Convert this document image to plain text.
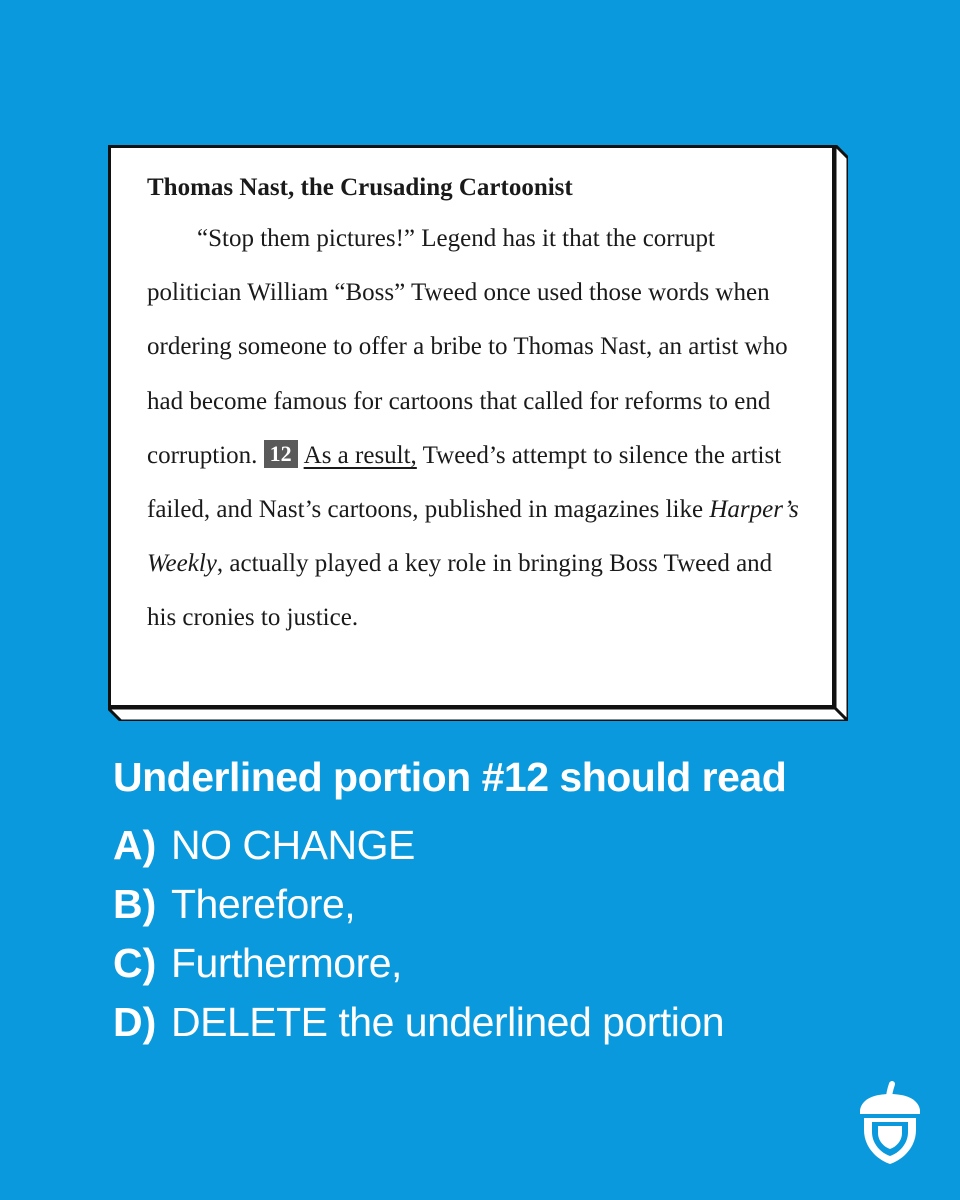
Thomas Nast, the Crusading Cartoonist

“Stop them pictures!” Legend has it that the corrupt politician William “Boss” Tweed once used those words when ordering someone to offer a bribe to Thomas Nast, an artist who had become famous for cartoons that called for reforms to end corruption. 12 As a result, Tweed’s attempt to silence the artist failed, and Nast’s cartoons, published in magazines like Harper’s Weekly, actually played a key role in bringing Boss Tweed and his cronies to justice.

Underlined portion #12 should read
A) NO CHANGE
B) Therefore,
C) Furthermore,
D) DELETE the underlined portion
